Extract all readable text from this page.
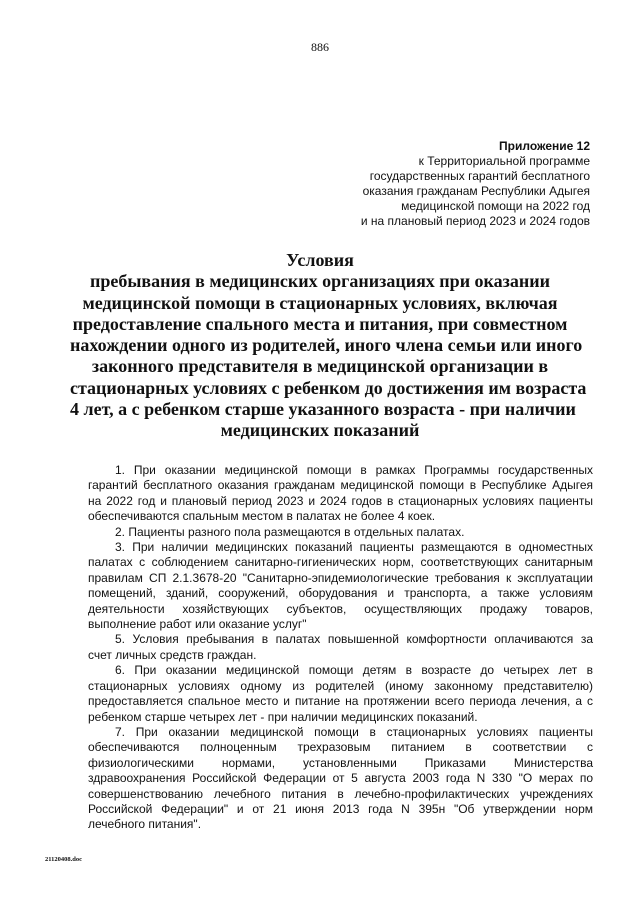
886
Приложение 12
к Территориальной программе
государственных гарантий бесплатного
оказания гражданам Республики Адыгея
медицинской помощи на 2022 год
и на плановый период 2023 и 2024 годов
Условия
пребывания в медицинских организациях при оказании
медицинской помощи в стационарных условиях, включая
предоставление спального места и питания, при совместном
нахождении одного из родителей, иного члена семьи или иного
законного представителя в медицинской организации в
стационарных условиях с ребенком до достижения им возраста
4 лет, а с ребенком старше указанного возраста - при наличии
медицинских показаний
1. При оказании медицинской помощи в рамках Программы государственных
гарантий бесплатного оказания гражданам медицинской помощи в Республике Адыгея
на 2022 год и плановый период 2023 и 2024 годов в стационарных условиях пациенты
обеспечиваются спальным местом в палатах не более 4 коек.
2. Пациенты разного пола размещаются в отдельных палатах.
3. При наличии медицинских показаний пациенты размещаются в одноместных
палатах с соблюдением санитарно-гигиенических норм, соответствующих санитарным
правилам СП 2.1.3678-20 "Санитарно-эпидемиологические требования к эксплуатации
помещений, зданий, сооружений, оборудования и транспорта, а также условиям
деятельности хозяйствующих субъектов, осуществляющих продажу товаров,
выполнение работ или оказание услуг"
5. Условия пребывания в палатах повышенной комфортности оплачиваются за
счет личных средств граждан.
6. При оказании медицинской помощи детям в возрасте до четырех лет в
стационарных условиях одному из родителей (иному законному представителю)
предоставляется спальное место и питание на протяжении всего периода лечения, а с
ребенком старше четырех лет - при наличии медицинских показаний.
7. При оказании медицинской помощи в стационарных условиях пациенты
обеспечиваются полноценным трехразовым питанием в соответствии с
физиологическими нормами, установленными Приказами Министерства
здравоохранения Российской Федерации от 5 августа 2003 года N 330 "О мерах по
совершенствованию лечебного питания в лечебно-профилактических учреждениях
Российской Федерации" и от 21 июня 2013 года N 395н "Об утверждении норм
лечебного питания".
21120408.doc
